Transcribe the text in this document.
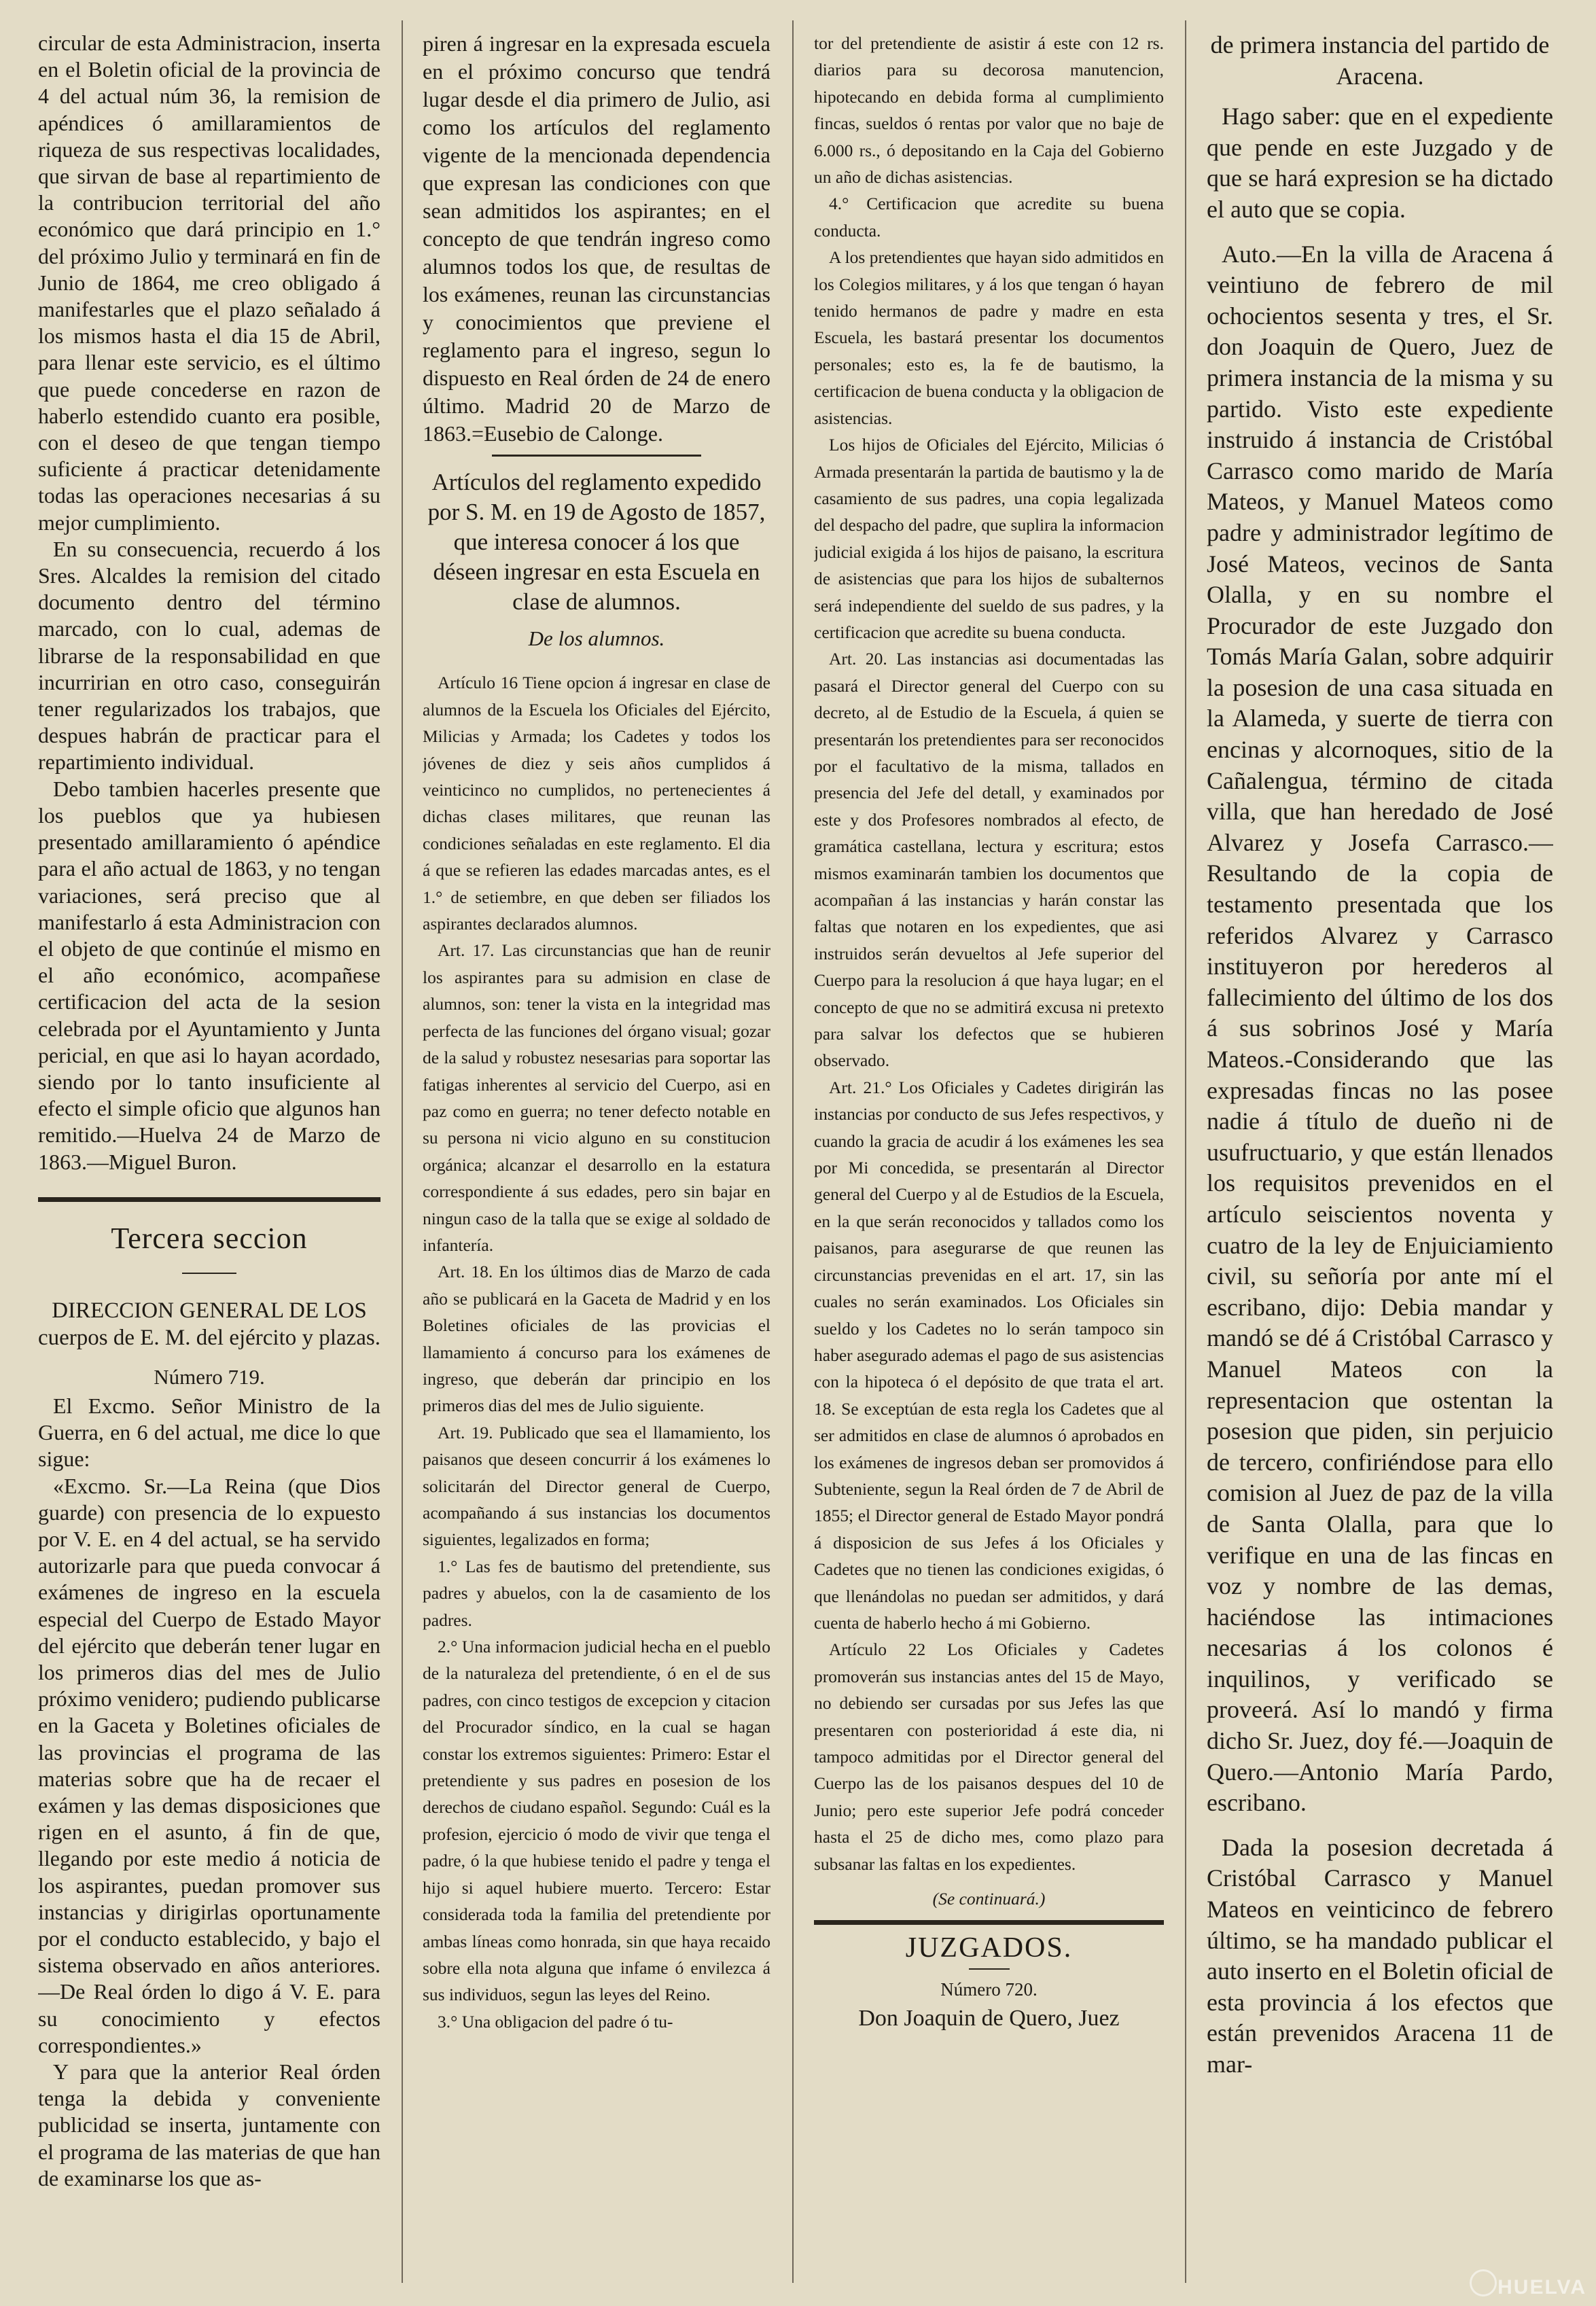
circular de esta Administracion, inserta en el Boletin oficial de la provincia de 4 del actual núm 36, la remision de apéndices ó amillaramientos de riqueza de sus respectivas localidades, que sirvan de base al repartimiento de la contribucion territorial del año económico que dará principio en 1.° del próximo Julio y terminará en fin de Junio de 1864, me creo obligado á manifestarles que el plazo señalado á los mismos hasta el dia 15 de Abril, para llenar este servicio, es el último que puede concederse en razon de haberlo estendido cuanto era posible, con el deseo de que tengan tiempo suficiente á practicar detenidamente todas las operaciones necesarias á su mejor cumplimiento.

En su consecuencia, recuerdo á los Sres. Alcaldes la remision del citado documento dentro del término marcado, con lo cual, ademas de librarse de la responsabilidad en que incurririan en otro caso, conseguirán tener regularizados los trabajos, que despues habrán de practicar para el repartimiento individual.

Debo tambien hacerles presente que los pueblos que ya hubiesen presentado amillaramiento ó apéndice para el año actual de 1863, y no tengan variaciones, será preciso que al manifestarlo á esta Administracion con el objeto de que continúe el mismo en el año económico, acompañese certificacion del acta de la sesion celebrada por el Ayuntamiento y Junta pericial, en que asi lo hayan acordado, siendo por lo tanto insuficiente al efecto el simple oficio que algunos han remitido.—Huelva 24 de Marzo de 1863.—Miguel Buron.

Tercera seccion

DIRECCION GENERAL DE LOS cuerpos de E. M. del ejército y plazas.

Número 719.

El Excmo. Señor Ministro de la Guerra, en 6 del actual, me dice lo que sigue:

«Excmo. Sr.—La Reina (que Dios guarde) con presencia de lo expuesto por V. E. en 4 del actual, se ha servido autorizarle para que pueda convocar á exámenes de ingreso en la escuela especial del Cuerpo de Estado Mayor del ejército que deberán tener lugar en los primeros dias del mes de Julio próximo venidero; pudiendo publicarse en la Gaceta y Boletines oficiales de las provincias el programa de las materias sobre que ha de recaer el exámen y las demas disposiciones que rigen en el asunto, á fin de que, llegando por este medio á noticia de los aspirantes, puedan promover sus instancias y dirigirlas oportunamente por el conducto establecido, y bajo el sistema observado en años anteriores.—De Real órden lo digo á V. E. para su conocimiento y efectos correspondientes.»

Y para que la anterior Real órden tenga la debida y conveniente publicidad se inserta, juntamente con el programa de las materias de que han de examinarse los que as-

piren á ingresar en la expresada escuela en el próximo concurso que tendrá lugar desde el dia primero de Julio, asi como los artículos del reglamento vigente de la mencionada dependencia que expresan las condiciones con que sean admitidos los aspirantes; en el concepto de que tendrán ingreso como alumnos todos los que, de resultas de los exámenes, reunan las circunstancias y conocimientos que previene el reglamento para el ingreso, segun lo dispuesto en Real órden de 24 de enero último. Madrid 20 de Marzo de 1863.=Eusebio de Calonge.

Artículos del reglamento expedido por S. M. en 19 de Agosto de 1857, que interesa conocer á los que déseen ingresar en esta Escuela en clase de alumnos.

De los alumnos.

Artículo 16 Tiene opcion á ingresar en clase de alumnos de la Escuela los Oficiales del Ejército, Milicias y Armada; los Cadetes y todos los jóvenes de diez y seis años cumplidos á veinticinco no cumplidos, no pertenecientes á dichas clases militares, que reunan las condiciones señaladas en este reglamento. El dia á que se refieren las edades marcadas antes, es el 1.° de setiembre, en que deben ser filiados los aspirantes declarados alumnos.

Art. 17. Las circunstancias que han de reunir los aspirantes para su admision en clase de alumnos, son: tener la vista en la integridad mas perfecta de las funciones del órgano visual; gozar de la salud y robustez nesesarias para soportar las fatigas inherentes al servicio del Cuerpo, asi en paz como en guerra; no tener defecto notable en su persona ni vicio alguno en su constitucion orgánica; alcanzar el desarrollo en la estatura correspondiente á sus edades, pero sin bajar en ningun caso de la talla que se exige al soldado de infantería.

Art. 18. En los últimos dias de Marzo de cada año se publicará en la Gaceta de Madrid y en los Boletines oficiales de las provicias el llamamiento á concurso para los exámenes de ingreso, que deberán dar principio en los primeros dias del mes de Julio siguiente.

Art. 19. Publicado que sea el llamamiento, los paisanos que deseen concurrir á los exámenes lo solicitarán del Director general de Cuerpo, acompañando á sus instancias los documentos siguientes, legalizados en forma;

1.° Las fes de bautismo del pretendiente, sus padres y abuelos, con la de casamiento de los padres.

2.° Una informacion judicial hecha en el pueblo de la naturaleza del pretendiente, ó en el de sus padres, con cinco testigos de excepcion y citacion del Procurador síndico, en la cual se hagan constar los extremos siguientes: Primero: Estar el pretendiente y sus padres en posesion de los derechos de ciudano español. Segundo: Cuál es la profesion, ejercicio ó modo de vivir que tenga el padre, ó la que hubiese tenido el padre y tenga el hijo si aquel hubiere muerto. Tercero: Estar considerada toda la familia del pretendiente por ambas líneas como honrada, sin que haya recaido sobre ella nota alguna que infame ó envilezca á sus individuos, segun las leyes del Reino.

3.° Una obligacion del padre ó tu-

tor del pretendiente de asistir á este con 12 rs. diarios para su decorosa manutencion, hipotecando en debida forma al cumplimiento fincas, sueldos ó rentas por valor que no baje de 6.000 rs., ó depositando en la Caja del Gobierno un año de dichas asistencias.

4.° Certificacion que acredite su buena conducta.

A los pretendientes que hayan sido admitidos en los Colegios militares, y á los que tengan ó hayan tenido hermanos de padre y madre en esta Escuela, les bastará presentar los documentos personales; esto es, la fe de bautismo, la certificacion de buena conducta y la obligacion de asistencias.

Los hijos de Oficiales del Ejército, Milicias ó Armada presentarán la partida de bautismo y la de casamiento de sus padres, una copia legalizada del despacho del padre, que suplira la informacion judicial exigida á los hijos de paisano, la escritura de asistencias que para los hijos de subalternos será independiente del sueldo de sus padres, y la certificacion que acredite su buena conducta.

Art. 20. Las instancias asi documentadas las pasará el Director general del Cuerpo con su decreto, al de Estudio de la Escuela, á quien se presentarán los pretendientes para ser reconocidos por el facultativo de la misma, tallados en presencia del Jefe del detall, y examinados por este y dos Profesores nombrados al efecto, de gramática castellana, lectura y escritura; estos mismos examinarán tambien los documentos que acompañan á las instancias y harán constar las faltas que notaren en los expedientes, que asi instruidos serán devueltos al Jefe superior del Cuerpo para la resolucion á que haya lugar; en el concepto de que no se admitirá excusa ni pretexto para salvar los defectos que se hubieren observado.

Art. 21.° Los Oficiales y Cadetes dirigirán las instancias por conducto de sus Jefes respectivos, y cuando la gracia de acudir á los exámenes les sea por Mi concedida, se presentarán al Director general del Cuerpo y al de Estudios de la Escuela, en la que serán reconocidos y tallados como los paisanos, para asegurarse de que reunen las circunstancias prevenidas en el art. 17, sin las cuales no serán examinados. Los Oficiales sin sueldo y los Cadetes no lo serán tampoco sin haber asegurado ademas el pago de sus asistencias con la hipoteca ó el depósito de que trata el art. 18. Se exceptúan de esta regla los Cadetes que al ser admitidos en clase de alumnos ó aprobados en los exámenes de ingresos deban ser promovidos á Subteniente, segun la Real órden de 7 de Abril de 1855; el Director general de Estado Mayor pondrá á disposicion de sus Jefes á los Oficiales y Cadetes que no tienen las condiciones exigidas, ó que llenándolas no puedan ser admitidos, y dará cuenta de haberlo hecho á mi Gobierno.

Artículo 22 Los Oficiales y Cadetes promoverán sus instancias antes del 15 de Mayo, no debiendo ser cursadas por sus Jefes las que presentaren con posterioridad á este dia, ni tampoco admitidas por el Director general del Cuerpo las de los paisanos despues del 10 de Junio; pero este superior Jefe podrá conceder hasta el 25 de dicho mes, como plazo para subsanar las faltas en los expedientes.

(Se continuará.)

JUZGADOS.

Número 720.

Don Joaquin de Quero, Juez

de primera instancia del partido de Aracena.

Hago saber: que en el expediente que pende en este Juzgado y de que se hará expresion se ha dictado el auto que se copia.

Auto.—En la villa de Aracena á veintiuno de febrero de mil ochocientos sesenta y tres, el Sr. don Joaquin de Quero, Juez de primera instancia de la misma y su partido. Visto este expediente instruido á instancia de Cristóbal Carrasco como marido de María Mateos, y Manuel Mateos como padre y administrador legítimo de José Mateos, vecinos de Santa Olalla, y en su nombre el Procurador de este Juzgado don Tomás María Galan, sobre adquirir la posesion de una casa situada en la Alameda, y suerte de tierra con encinas y alcornoques, sitio de la Cañalengua, término de citada villa, que han heredado de José Alvarez y Josefa Carrasco.—Resultando de la copia de testamento presentada que los referidos Alvarez y Carrasco instituyeron por herederos al fallecimiento del último de los dos á sus sobrinos José y María Mateos.-Considerando que las expresadas fincas no las posee nadie á título de dueño ni de usufructuario, y que están llenados los requisitos prevenidos en el artículo seiscientos noventa y cuatro de la ley de Enjuiciamiento civil, su señoría por ante mí el escribano, dijo: Debia mandar y mandó se dé á Cristóbal Carrasco y Manuel Mateos con la representacion que ostentan la posesion que piden, sin perjuicio de tercero, confiriéndose para ello comision al Juez de paz de la villa de Santa Olalla, para que lo verifique en una de las fincas en voz y nombre de las demas, haciéndose las intimaciones necesarias á los colonos é inquilinos, y verificado se proveerá. Así lo mandó y firma dicho Sr. Juez, doy fé.—Joaquin de Quero.—Antonio María Pardo, escribano.

Dada la posesion decretada á Cristóbal Carrasco y Manuel Mateos en veinticinco de febrero último, se ha mandado publicar el auto inserto en el Boletin oficial de esta provincia á los efectos que están prevenidos Aracena 11 de mar-

HUELVA
